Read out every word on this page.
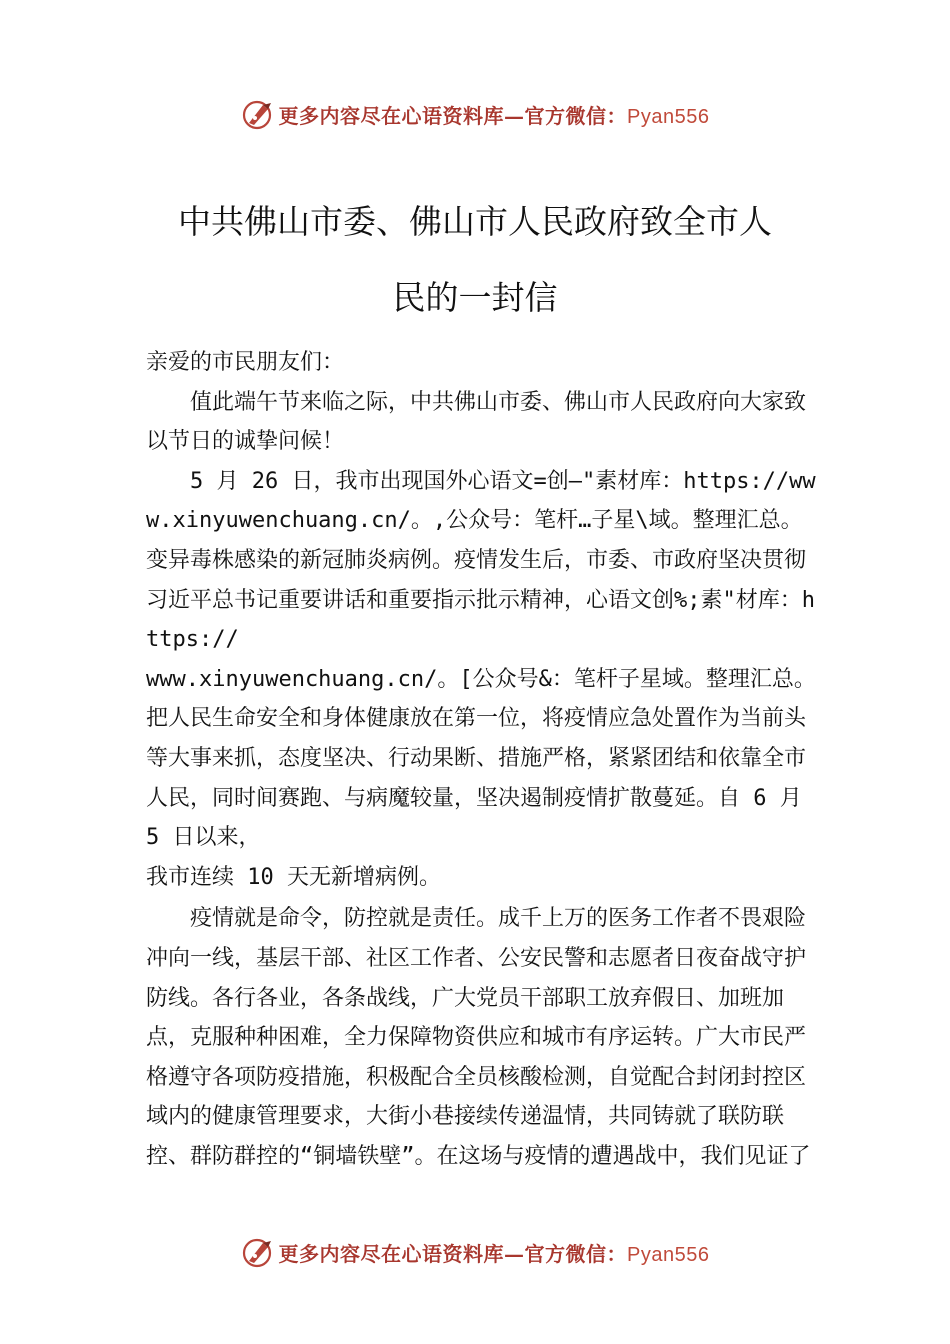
更多内容尽在心语资料库—官方微信：Pyan556
中共佛山市委、佛山市人民政府致全市人
民的一封信

亲爱的市民朋友们：

值此端午节来临之际，中共佛山市委、佛山市人民政府向大家致以节日的诚挚问候！

5 月 26 日，我市出现国外心语文=创—"素材库：https://www.xinyuwenchuang.cn/。,公众号：笔杆…子星\域。整理汇总。变异毒株感染的新冠肺炎病例。疫情发生后，市委、市政府坚决贯彻习近平总书记重要讲话和重要指示批示精神，心语文创%;素"材库：https://

www.xinyuwenchuang.cn/。[公众号&：笔杆子星域。整理汇总。把人民生命安全和身体健康放在第一位，将疫情应急处置作为当前头等大事来抓，态度坚决、行动果断、措施严格，紧紧团结和依靠全市人民，同时间赛跑、与病魔较量，坚决遏制疫情扩散蔓延。自 6 月 5 日以来，

我市连续 10 天无新增病例。

疫情就是命令，防控就是责任。成千上万的医务工作者不畏艰险冲向一线，基层干部、社区工作者、公安民警和志愿者日夜奋战守护防线。各行各业，各条战线，广大党员干部职工放弃假日、加班加点，克服种种困难，全力保障物资供应和城市有序运转。广大市民严格遵守各项防疫措施，积极配合全员核酸检测，自觉配合封闭封控区域内的健康管理要求，大街小巷接续传递温情，共同铸就了联防联控、群防群控的“铜墙铁壁”。在这场与疫情的遭遇战中，我们见证了

更多内容尽在心语资料库—官方微信：Pyan556
